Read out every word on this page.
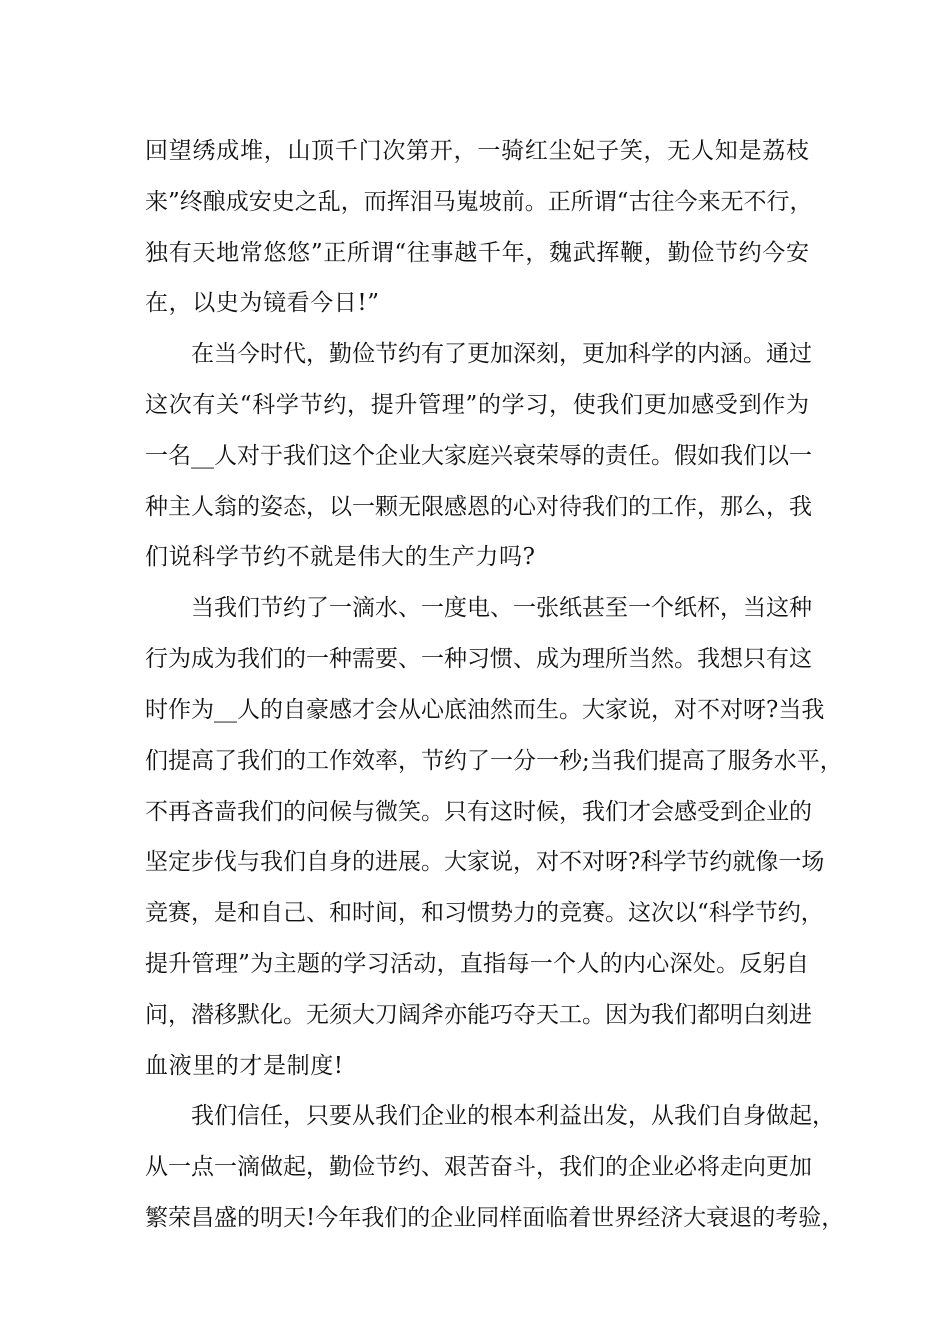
回望绣成堆，山顶千门次第开，一骑红尘妃子笑，无人知是荔枝
来”终酿成安史之乱，而挥泪马嵬坡前。正所谓“古往今来无不行，
独有天地常悠悠”正所谓“往事越千年，魏武挥鞭，勤俭节约今安
在，以史为镜看今日!”
在当今时代，勤俭节约有了更加深刻，更加科学的内涵。通过
这次有关“科学节约，提升管理”的学习，使我们更加感受到作为
一名__人对于我们这个企业大家庭兴衰荣辱的责任。假如我们以一
种主人翁的姿态，以一颗无限感恩的心对待我们的工作，那么，我
们说科学节约不就是伟大的生产力吗?
当我们节约了一滴水、一度电、一张纸甚至一个纸杯，当这种
行为成为我们的一种需要、一种习惯、成为理所当然。我想只有这
时作为__人的自豪感才会从心底油然而生。大家说，对不对呀?当我
们提高了我们的工作效率，节约了一分一秒;当我们提高了服务水平，
不再吝啬我们的问候与微笑。只有这时候，我们才会感受到企业的
坚定步伐与我们自身的进展。大家说，对不对呀?科学节约就像一场
竞赛，是和自己、和时间，和习惯势力的竞赛。这次以“科学节约，
提升管理”为主题的学习活动，直指每一个人的内心深处。反躬自
问，潜移默化。无须大刀阔斧亦能巧夺天工。因为我们都明白刻进
血液里的才是制度!
我们信任，只要从我们企业的根本利益出发，从我们自身做起，
从一点一滴做起，勤俭节约、艰苦奋斗，我们的企业必将走向更加
繁荣昌盛的明天!今年我们的企业同样面临着世界经济大衰退的考验，
